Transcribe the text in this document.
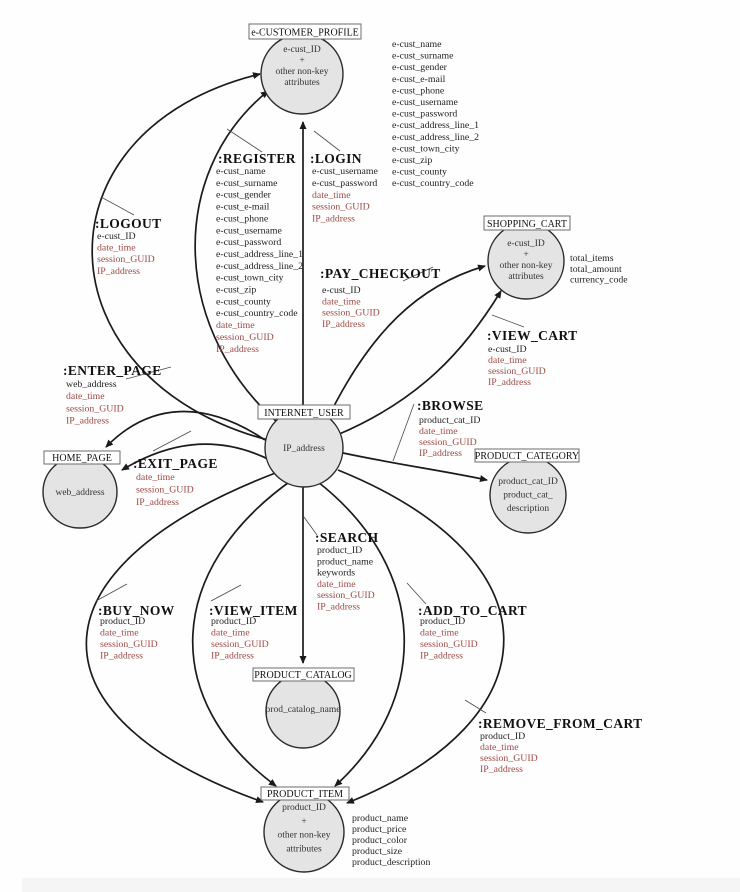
e-CUSTOMER_PROFILE
e-cust_ID + other non-key attributes
e-cust_name e-cust_surname e-cust_gender e-cust_e-mail e-cust_phone e-cust_username e-cust_password e-cust_address_line_1 e-cust_address_line_2 e-cust_town_city e-cust_zip e-cust_county e-cust_country_code
SHOPPING_CART
e-cust_ID + other non-key attributes
total_items total_amount currency_code
INTERNET_USER
IP_address
HOME_PAGE
web_address
PRODUCT_CATEGORY
product_cat_ID product_cat_ description
PRODUCT_CATALOG
prod_catalog_name
PRODUCT_ITEM
product_ID + other non-key attributes
product_name product_price product_color product_size product_description
:LOGOUT
e-cust_ID date_time session_GUID IP_address
:REGISTER
e-cust_name e-cust_surname e-cust_gender e-cust_e-mail e-cust_phone e-cust_username e-cust_password e-cust_address_line_1 e-cust_address_line_2 e-cust_town_city e-cust_zip e-cust_county e-cust_country_code date_time session_GUID IP_address
:LOGIN
e-cust_username e-cust_password date_time session_GUID IP_address
:PAY_CHECKOUT
e-cust_ID date_time session_GUID IP_address
:VIEW_CART
e-cust_ID date_time session_GUID IP_address
:ENTER_PAGE
web_address date_time session_GUID IP_address
:EXIT_PAGE
date_time session_GUID IP_address
:BROWSE
product_cat_ID date_time session_GUID IP_address
:SEARCH
product_ID product_name keywords date_time session_GUID IP_address
:BUY_NOW
product_ID date_time session_GUID IP_address
:VIEW_ITEM
product_ID date_time session_GUID IP_address
:ADD_TO_CART
product_ID date_time session_GUID IP_address
:REMOVE_FROM_CART
product_ID date_time session_GUID IP_address
